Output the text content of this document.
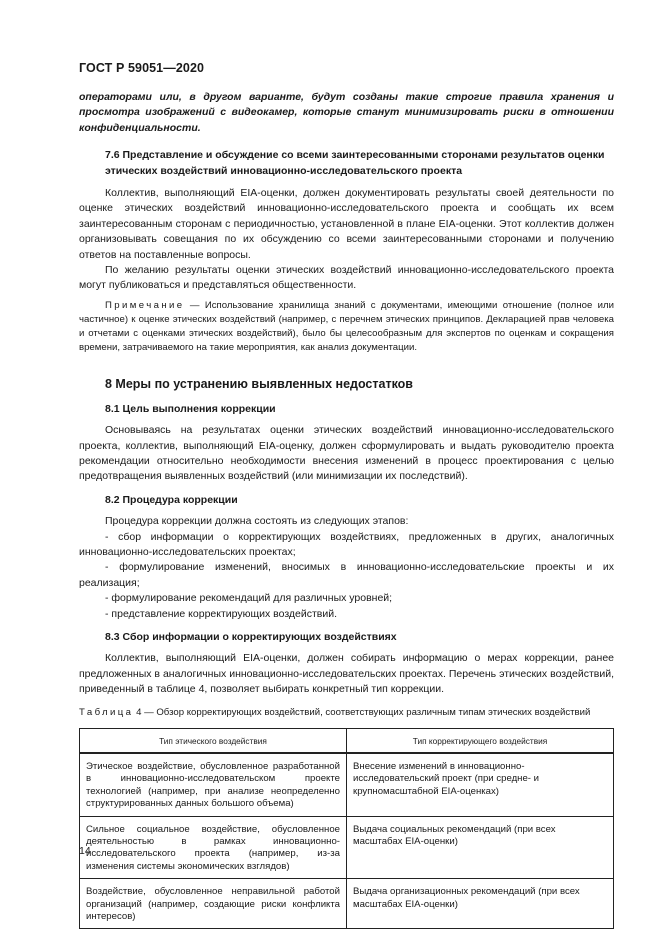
ГОСТ Р 59051—2020

операторами или, в другом варианте, будут созданы такие строгие правила хранения и просмотра изображений с видеокамер, которые станут минимизировать риски в отношении конфиденциальности.

7.6 Представление и обсуждение со всеми заинтересованными сторонами результатов оценки этических воздействий инновационно-исследовательского проекта

Коллектив, выполняющий EIA-оценки, должен документировать результаты своей деятельности по оценке этических воздействий инновационно-исследовательского проекта и сообщать их всем заинтересованным сторонам с периодичностью, установленной в плане EIA-оценки. Этот коллектив должен организовывать совещания по их обсуждению со всеми заинтересованными сторонами и получению ответов на поставленные вопросы.

По желанию результаты оценки этических воздействий инновационно-исследовательского проекта могут публиковаться и представляться общественности.

Примечание — Использование хранилища знаний с документами, имеющими отношение (полное или частичное) к оценке этических воздействий (например, с перечнем этических принципов. Декларацией прав человека и отчетами с оценками этических воздействий), было бы целесообразным для экспертов по оценкам и сокращения времени, затрачиваемого на такие мероприятия, как анализ документации.

8 Меры по устранению выявленных недостатков
8.1 Цель выполнения коррекции

Основываясь на результатах оценки этических воздействий инновационно-исследовательского проекта, коллектив, выполняющий EIA-оценку, должен сформулировать и выдать руководителю проекта рекомендации относительно необходимости внесения изменений в процесс проектирования с целью предотвращения выявленных воздействий (или минимизации их последствий).

8.2 Процедура коррекции

Процедура коррекции должна состоять из следующих этапов:

- сбор информации о корректирующих воздействиях, предложенных в других, аналогичных инновационно-исследовательских проектах;

- формулирование изменений, вносимых в инновационно-исследовательские проекты и их реализация;

- формулирование рекомендаций для различных уровней;

- представление корректирующих воздействий.

8.3 Сбор информации о корректирующих воздействиях

Коллектив, выполняющий EIA-оценки, должен собирать информацию о мерах коррекции, ранее предложенных в аналогичных инновационно-исследовательских проектах. Перечень этических воздействий, приведенный в таблице 4, позволяет выбирать конкретный тип коррекции.

Таблица 4 — Обзор корректирующих воздействий, соответствующих различным типам этических воздействий
Тип этического воздействия	Тип корректирующего воздействия
Этическое воздействие, обусловленное разработанной в инновационно-исследовательском проекте технологией (например, при анализе неопределенно структурированных данных большого объема)	Внесение изменений в инновационно-исследовательский проект (при средне- и крупномасштабной EIA-оценках)
Сильное социальное воздействие, обусловленное деятельностью в рамках инновационно-исследовательского проекта (например, из-за изменения системы экономических взглядов)	Выдача социальных рекомендаций (при всех масштабах EIA-оценки)
Воздействие, обусловленное неправильной работой организаций (например, создающие риски конфликта интересов)	Выдача организационных рекомендаций (при всех масштабах EIA-оценки)
14
